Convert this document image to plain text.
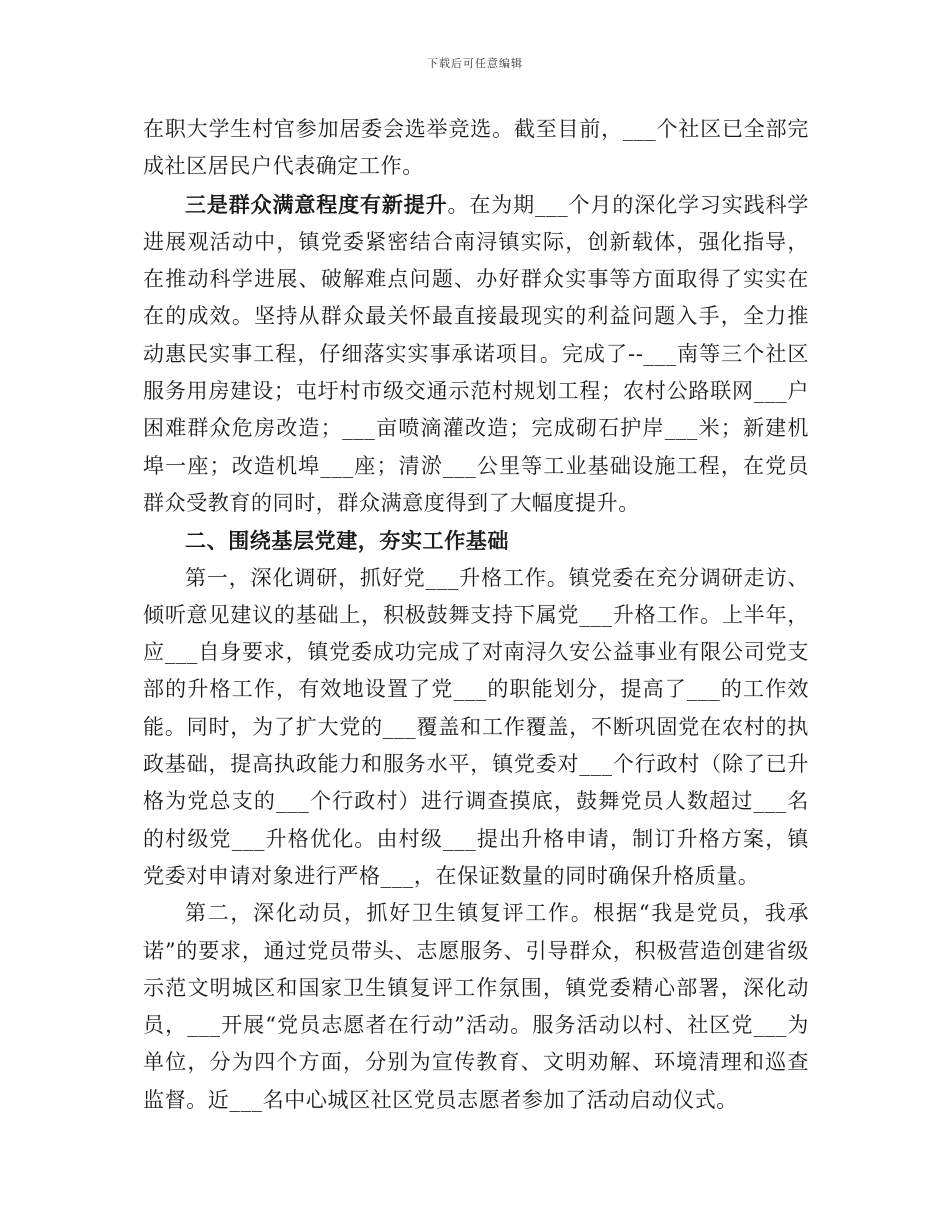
下载后可任意编辑

在职大学生村官参加居委会选举竞选。截至目前，___个社区已全部完成社区居民户代表确定工作。

三是群众满意程度有新提升。在为期___个月的深化学习实践科学进展观活动中，镇党委紧密结合南浔镇实际，创新载体，强化指导，在推动科学进展、破解难点问题、办好群众实事等方面取得了实实在在的成效。坚持从群众最关怀最直接最现实的利益问题入手，全力推动惠民实事工程，仔细落实实事承诺项目。完成了--___南等三个社区服务用房建设；屯圩村市级交通示范村规划工程；农村公路联网___户困难群众危房改造；___亩喷滴灌改造；完成砌石护岸___米；新建机埠一座；改造机埠___座；清淤___公里等工业基础设施工程，在党员群众受教育的同时，群众满意度得到了大幅度提升。

二、围绕基层党建，夯实工作基础

第一，深化调研，抓好党___升格工作。镇党委在充分调研走访、倾听意见建议的基础上，积极鼓舞支持下属党___升格工作。上半年，应___自身要求，镇党委成功完成了对南浔久安公益事业有限公司党支部的升格工作，有效地设置了党___的职能划分，提高了___的工作效能。同时，为了扩大党的___覆盖和工作覆盖，不断巩固党在农村的执政基础，提高执政能力和服务水平，镇党委对___个行政村（除了已升格为党总支的___个行政村）进行调查摸底，鼓舞党员人数超过___名的村级党___升格优化。由村级___提出升格申请，制订升格方案，镇党委对申请对象进行严格___，在保证数量的同时确保升格质量。

第二，深化动员，抓好卫生镇复评工作。根据“我是党员，我承诺”的要求，通过党员带头、志愿服务、引导群众，积极营造创建省级示范文明城区和国家卫生镇复评工作氛围，镇党委精心部署，深化动员，___开展“党员志愿者在行动”活动。服务活动以村、社区党___为单位，分为四个方面，分别为宣传教育、文明劝解、环境清理和巡查监督。近___名中心城区社区党员志愿者参加了活动启动仪式。
